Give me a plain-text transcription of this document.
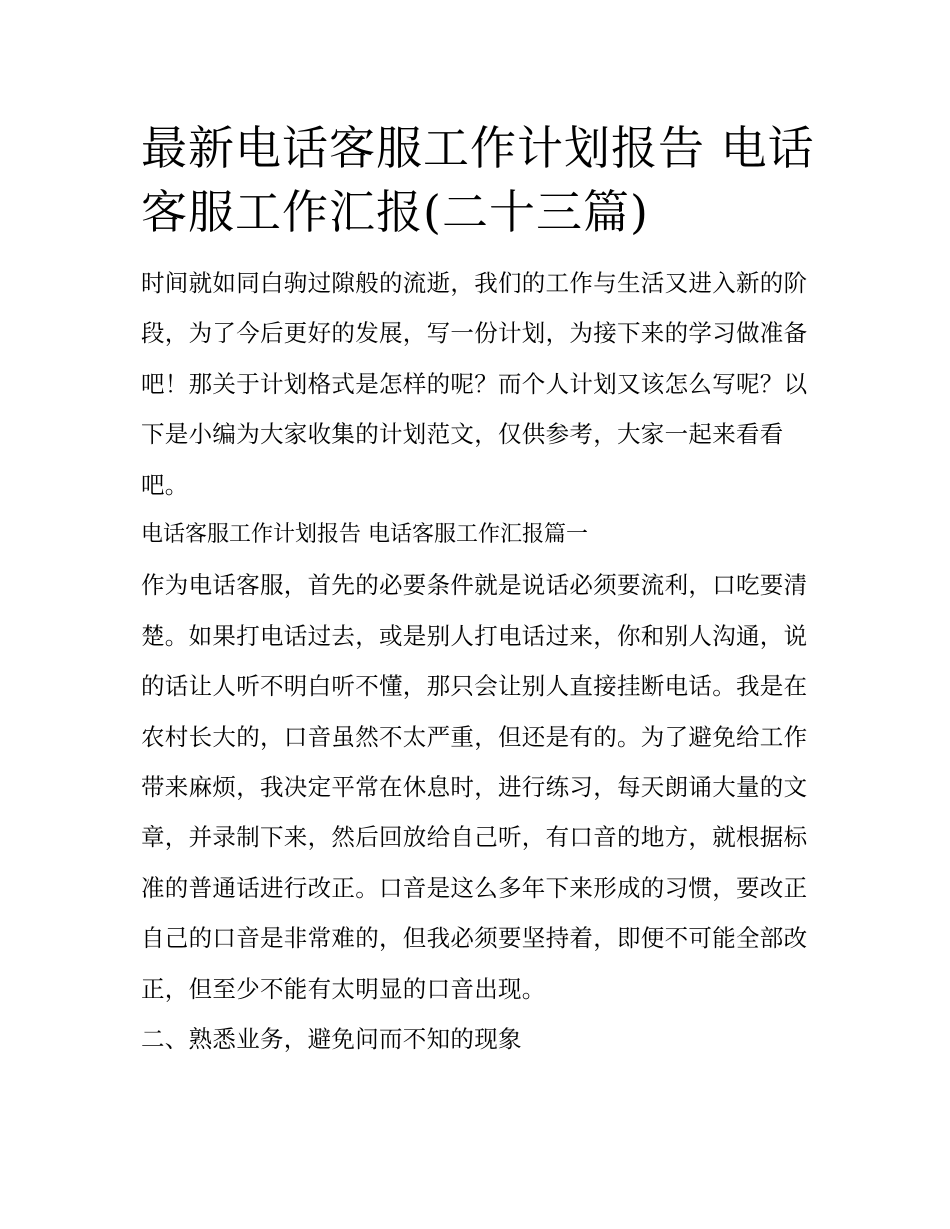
最新电话客服工作计划报告 电话客服工作汇报(二十三篇)

时间就如同白驹过隙般的流逝，我们的工作与生活又进入新的阶段，为了今后更好的发展，写一份计划，为接下来的学习做准备吧！那关于计划格式是怎样的呢？而个人计划又该怎么写呢？以下是小编为大家收集的计划范文，仅供参考，大家一起来看看吧。

电话客服工作计划报告 电话客服工作汇报篇一

作为电话客服，首先的必要条件就是说话必须要流利，口吃要清楚。如果打电话过去，或是别人打电话过来，你和别人沟通，说的话让人听不明白听不懂，那只会让别人直接挂断电话。我是在农村长大的，口音虽然不太严重，但还是有的。为了避免给工作带来麻烦，我决定平常在休息时，进行练习，每天朗诵大量的文章，并录制下来，然后回放给自己听，有口音的地方，就根据标准的普通话进行改正。口音是这么多年下来形成的习惯，要改正自己的口音是非常难的，但我必须要坚持着，即便不可能全部改正，但至少不能有太明显的口音出现。

二、熟悉业务，避免问而不知的现象
